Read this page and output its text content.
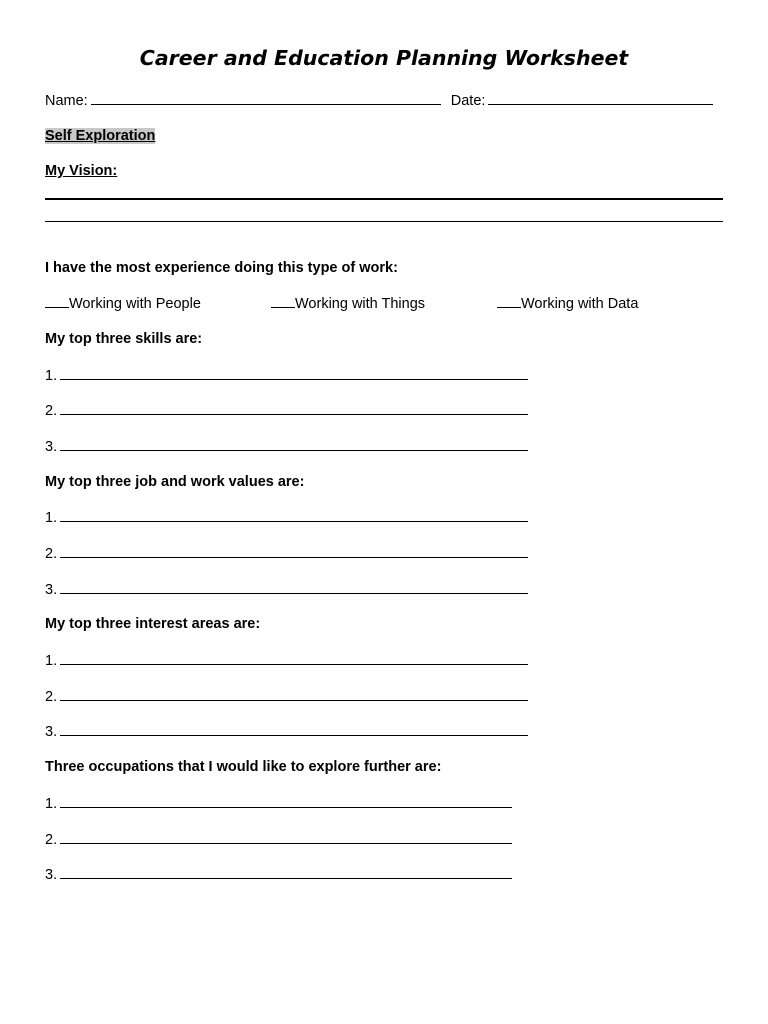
Career and Education Planning Worksheet
Name:	Date:
Self Exploration
My Vision:
I have the most experience doing this type of work:
Working with People	Working with Things	Working with Data
My top three skills are:
1.
2.
3.
My top three job and work values are:
1.
2.
3.
My top three interest areas are:
1.
2.
3.
Three occupations that I would like to explore further are:
1.
2.
3.
